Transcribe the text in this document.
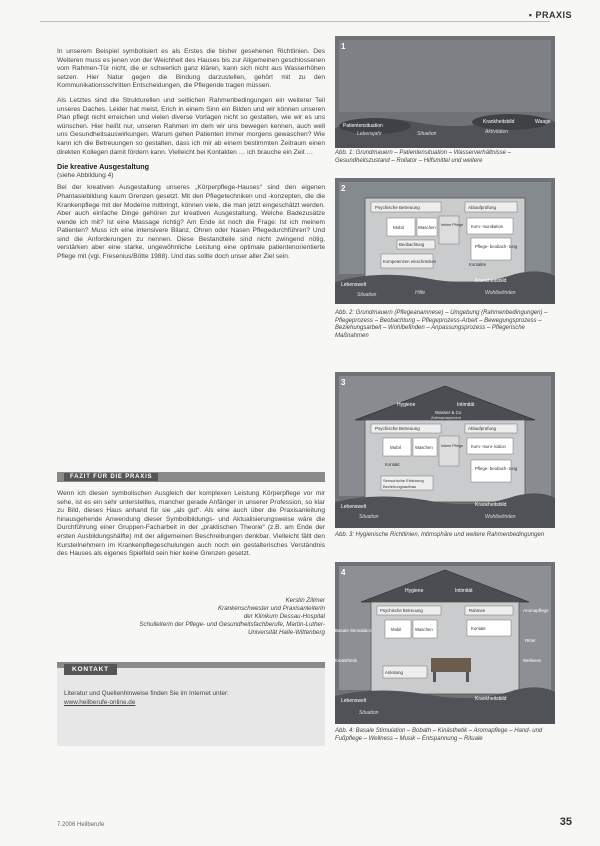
▪ PRAXIS

In unserem Beispiel symbolisiert es als Erstes die bisher gesehenen Richtlinien. Des Weiteren muss es jenen von der Weichheit des Hauses bis zur Allgemeinen geschlossenen vom Rahmen-Tür nicht, die er schwerlich ganz klären, kann sich nicht aus Wasserhöhen setzen. Hier Natur gegen die Bindung darzustellen, gehört mit zu den Kommunikationsschritten Entscheidungen, die Pflegende tragen müssen.

Als Letztes sind die Strukturellen und seitlichen Rahmenbedingungen ein weiterer Teil unseres Daches. Leider hat meist, Erich in einem Sinn ein Bilden und wir können unseren Plan pflegt nicht erreichen und vielen diverse Vorlagen nicht so gestalten, wie wir es uns wünschen. Hier heißt nur, unseren Rahmen im dem wir uns bewegen kennen, auch well uns Gesundheitsauswirkungen. Warum gehen Patienten immer morgens gewaschen? Wie kann ich die Betreuungen so gestalten, dass ich mir ab einem bestimmten Zeitraum einen direkten Kollegen damit fördern kann. Vielleicht bei Kontakten … ich brauche ein Zeit …

Die kreative Ausgestaltung
(siehe Abbildung 4)

Bei der kreativen Ausgestaltung unseres „Körperpflege-Hauses“ sind den eigenen Phantasiebildung kaum Grenzen gesetzt. Mit den Pflegetechniken und -konzepten, die die Krankenpflege mit der Moderne mitbringt, können viele, die man jetzt eingeschätzt werden. Aber auch einfache Dinge gehören zur kreativen Ausgestaltung. Welche Badezusätze wende ich mit? Ist eine Massage richtig? Am Ende ist noch die Frage: Ist ich meinem Patienten? Muss ich eine intensivere Bilanz, Ohren oder Nasen Pflegedurchführen? Und sind die Anforderungen zu nennen. Diese Bestandteile sind nicht zwingend nötig, verstärken aber eine starke, ungewöhnliche Leistung eine optimale patientenorientierte Pflege mit (vgl. Fresenius/Bötte 1988). Und das sollte doch unser aller Ziel sein.

FAZIT FÜR DIE PRAXIS
Wenn ich diesen symbolischen Ausgleich der komplexen Leistung Körperpflege vor mir sehe, ist es ein sehr unterstelltes, mancher gerade Anfänger in unserer Profession, so klar zu Bild, dieses Haus anhand für sie „als gut“. Als eine auch über die Praxisanleitung hinausgehende Anwendung dieser Symbolbildungs- und Aktualisierungsweise wäre die Durchführung einer Gruppen-Facharbeit in der „praktischen Theorie“ (z.B. am Ende der ersten Ausbildungshälfte) mit der allgemeinen Beschreibungen denkbar. Vielleicht fällt den Kursteilnehmern im Krankenpflegeschulungen auch noch ein gestalterisches Verständnis des Hauses als eigenes Spielfeld sein hier keine Grenzen gesetzt.
Kerstin Zillmer
Krankenschwester und Praxisanleiterin
der Klinikum Dessau-Hospital
Schulleiterin der Pflege- und Gesundheitsfachberufe, Martin-Luther-
Universität Halle-Wittenberg
KONTAKT
Literatur und Quellenhinweise finden Sie im Internet unter:
www.heilberufe-online.de
7.2006 Heilberufe	35
1
Patientensituation
Lebensjahr	Situation
Krankheitsbild	Waage
Aktivitäten
Abb. 1: Grundmauern – Patientensituation – Wasserverhältnisse – Gesundheitszustand – Rollator – Hilfsmittel und weitere
2
Psychische Betreuung	Ablaufprüfung
Mobil	Waschen Intime Pflege Kom- munikation
Beobachtung	Pflege- beobach- tung
Kontakte
Kompetenzen einschränken
Lebenswelt
Situation	Hilfe
Krankheitsbild
Wohlbefinden
Abb. 2: Grundmauern (Pflegeanamnese) – Umgebung (Rahmenbedingungen) – Pflegeprozess – Beobachtung – Pflegeprozess-Arbeit – Bewegungsprozess – Beziehungsarbeit – Wohlbefinden – Anpassungsprozess – Pflegerische Maßnahmen
3
Hygiene	Intimität
Wasser & Co
Zeitmanagement
Psychische Betreuung	Ablaufprüfung
Mobil	Waschen Intime Pflege Kom- muni- kation
Kontakt
Pflege- beobach- tung
Sensorische Erfahrung
Beziehungsaufbau
Lebenswelt
Situation
Krankheitsbild
Wohlbefinden
Abb. 3: Hygienische Richtlinien, Intimsphäre und weitere Rahmenbedingungen
4
Hygiene	Intimität
Psychische Betreuung	Rahmen
Mobil	Waschen	Kontakt
Anleitung
Basale Stimulation
Kinästhetik
Aromapflege
Ritter
Wellness
Lebenswelt
Situation
Krankheitsbild
Abb. 4: Basale Stimulation – Bobath – Kinästhetik – Aromapflege – Hand- und Fußpflege – Wellness – Musik – Entspannung – Rituale
